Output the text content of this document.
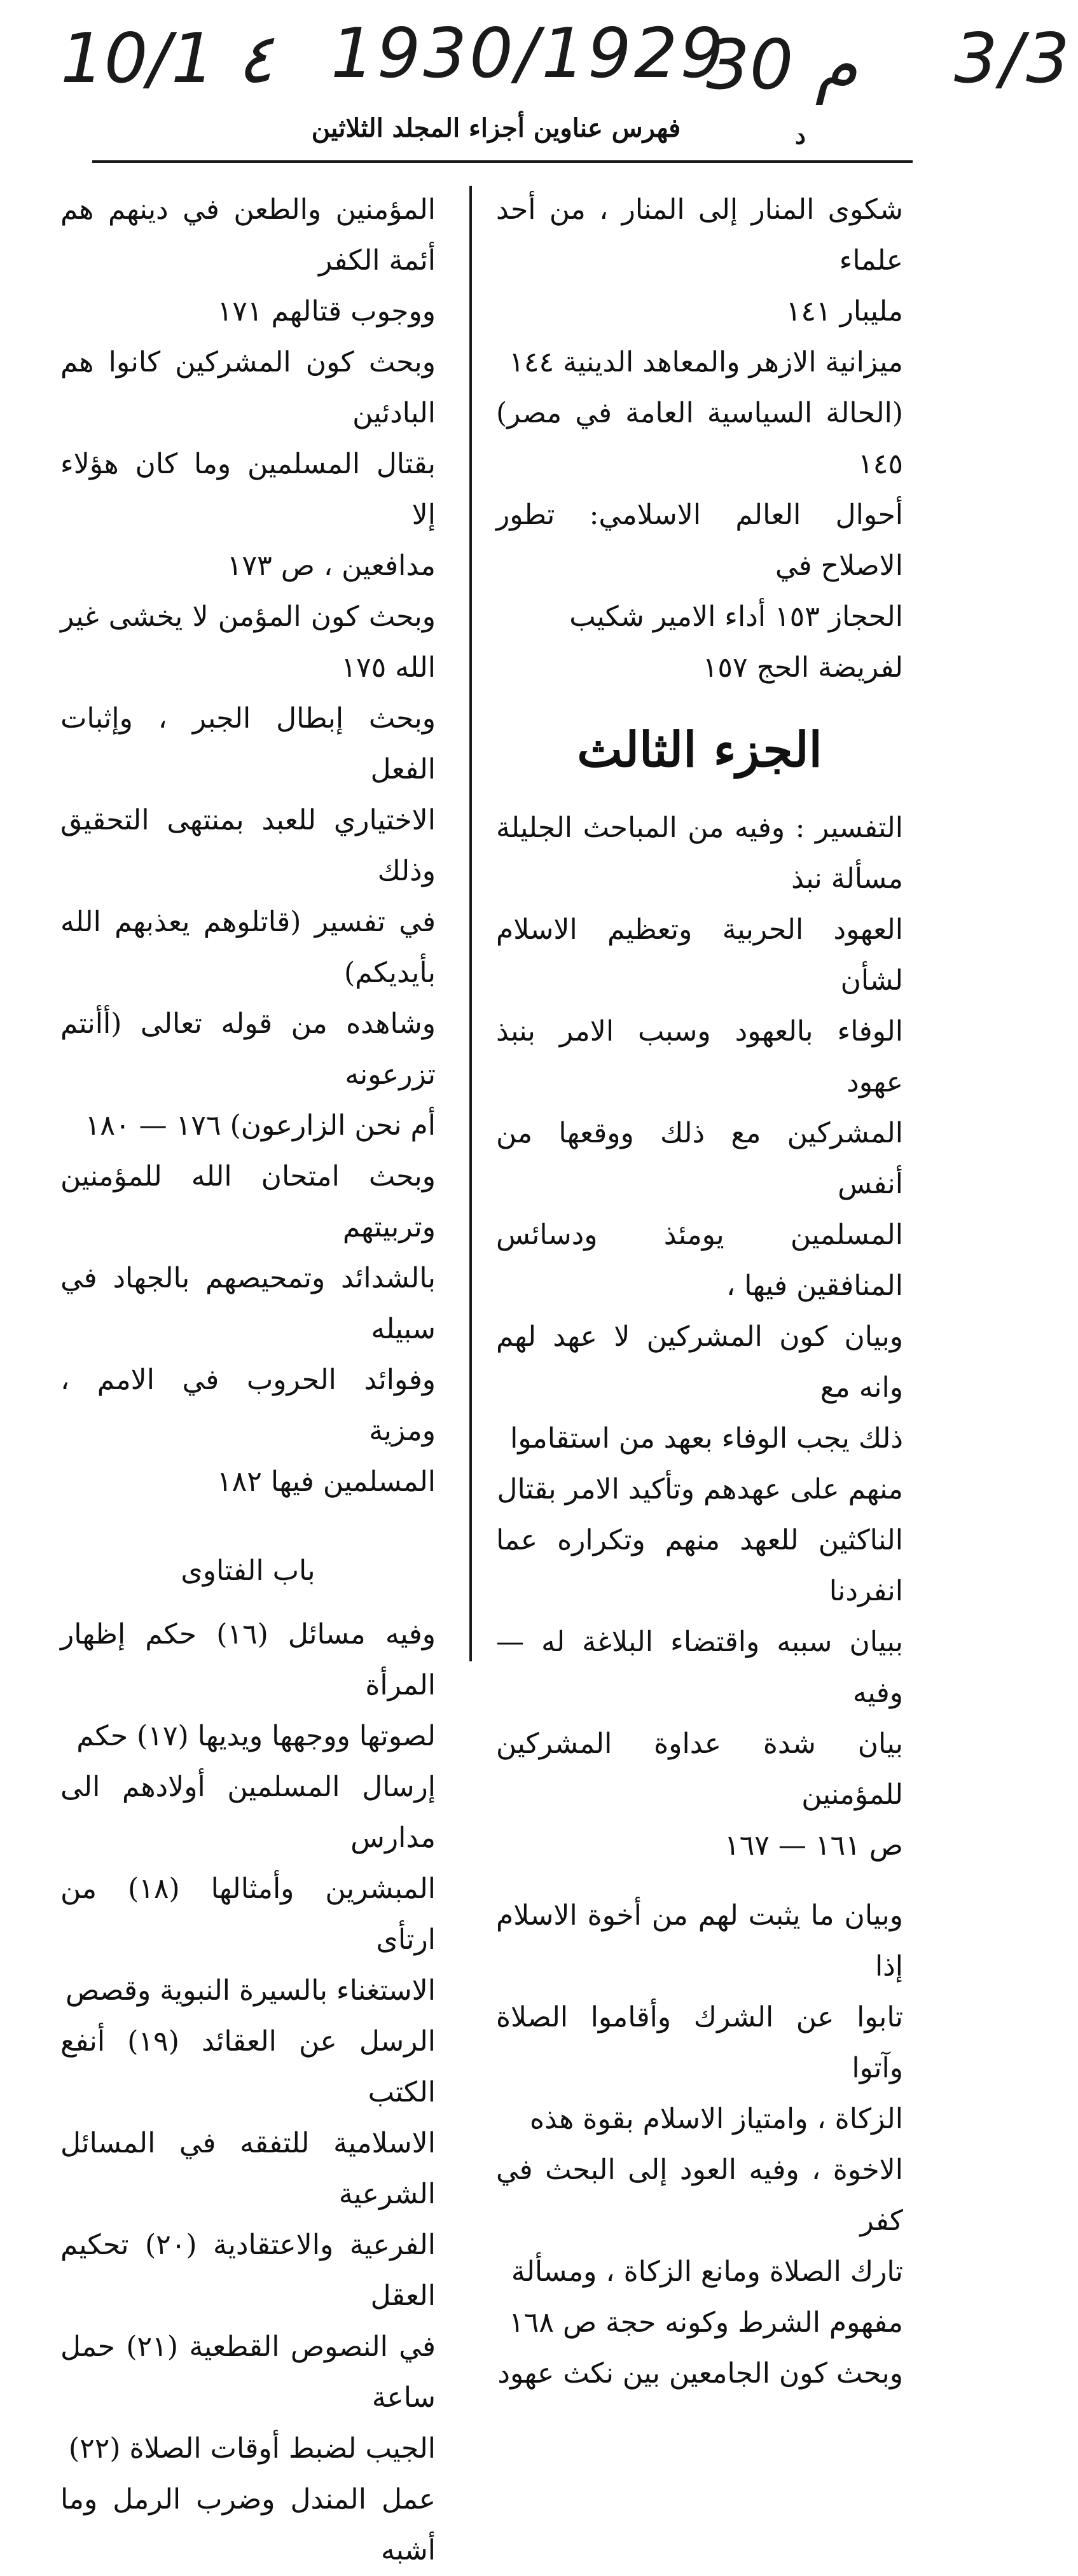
10/1 ٤ 1930/1929
30 م 3/3
فهرس عناوين أجزاء المجلد الثلاثين	د

شكوى المنار إلى المنار ، من أحد علماء

مليبار ١٤١

ميزانية الازهر والمعاهد الدينية ١٤٤

(الحالة السياسية العامة في مصر) ١٤٥

أحوال العالم الاسلامي: تطور الاصلاح في

الحجاز ١٥٣ أداء الامير شكيب

لفريضة الحج ١٥٧

الجزء الثالث

التفسير : وفيه من المباحث الجليلة مسألة نبذ

العهود الحربية وتعظيم الاسلام لشأن

الوفاء بالعهود وسبب الامر بنبذ عهود

المشركين مع ذلك ووقعها من أنفس

المسلمين يومئذ ودسائس المنافقين فيها ،

وبيان كون المشركين لا عهد لهم وانه مع

ذلك يجب الوفاء بعهد من استقاموا

منهم على عهدهم وتأكيد الامر بقتال

الناكثين للعهد منهم وتكراره عما انفردنا

ببيان سببه واقتضاء البلاغة له — وفيه

بيان شدة عداوة المشركين للمؤمنين

ص ١٦١ — ١٦٧

وبيان ما يثبت لهم من أخوة الاسلام إذا

تابوا عن الشرك وأقاموا الصلاة وآتوا

الزكاة ، وامتياز الاسلام بقوة هذه

الاخوة ، وفيه العود إلى البحث في كفر

تارك الصلاة ومانع الزكاة ، ومسألة

مفهوم الشرط وكونه حجة ص ١٦٨

وبحث كون الجامعين بين نكث عهود

المؤمنين والطعن في دينهم هم أئمة الكفر

ووجوب قتالهم ١٧١

وبحث كون المشركين كانوا هم البادئين

بقتال المسلمين وما كان هؤلاء إلا

مدافعين ، ص ١٧٣

وبحث كون المؤمن لا يخشى غير الله ١٧٥

وبحث إبطال الجبر ، وإثبات الفعل

الاختياري للعبد بمنتهى التحقيق وذلك

في تفسير (قاتلوهم يعذبهم الله بأيديكم)

وشاهده من قوله تعالى (أأنتم تزرعونه

أم نحن الزارعون) ١٧٦ — ١٨٠

وبحث امتحان الله للمؤمنين وتربيتهم

بالشدائد وتمحيصهم بالجهاد في سبيله

وفوائد الحروب في الامم ، ومزية

المسلمين فيها ١٨٢

باب الفتاوى

وفيه مسائل (١٦) حكم إظهار المرأة

لصوتها ووجهها ويديها (١٧) حكم

إرسال المسلمين أولادهم الى مدارس

المبشرين وأمثالها (١٨) من ارتأى

الاستغناء بالسيرة النبوية وقصص

الرسل عن العقائد (١٩) أنفع الكتب

الاسلامية للتفقه في المسائل الشرعية

الفرعية والاعتقادية (٢٠) تحكيم العقل

في النصوص القطعية (٢١) حمل ساعة

الجيب لضبط أوقات الصلاة (٢٢)

عمل المندل وضرب الرمل وما أشبه
